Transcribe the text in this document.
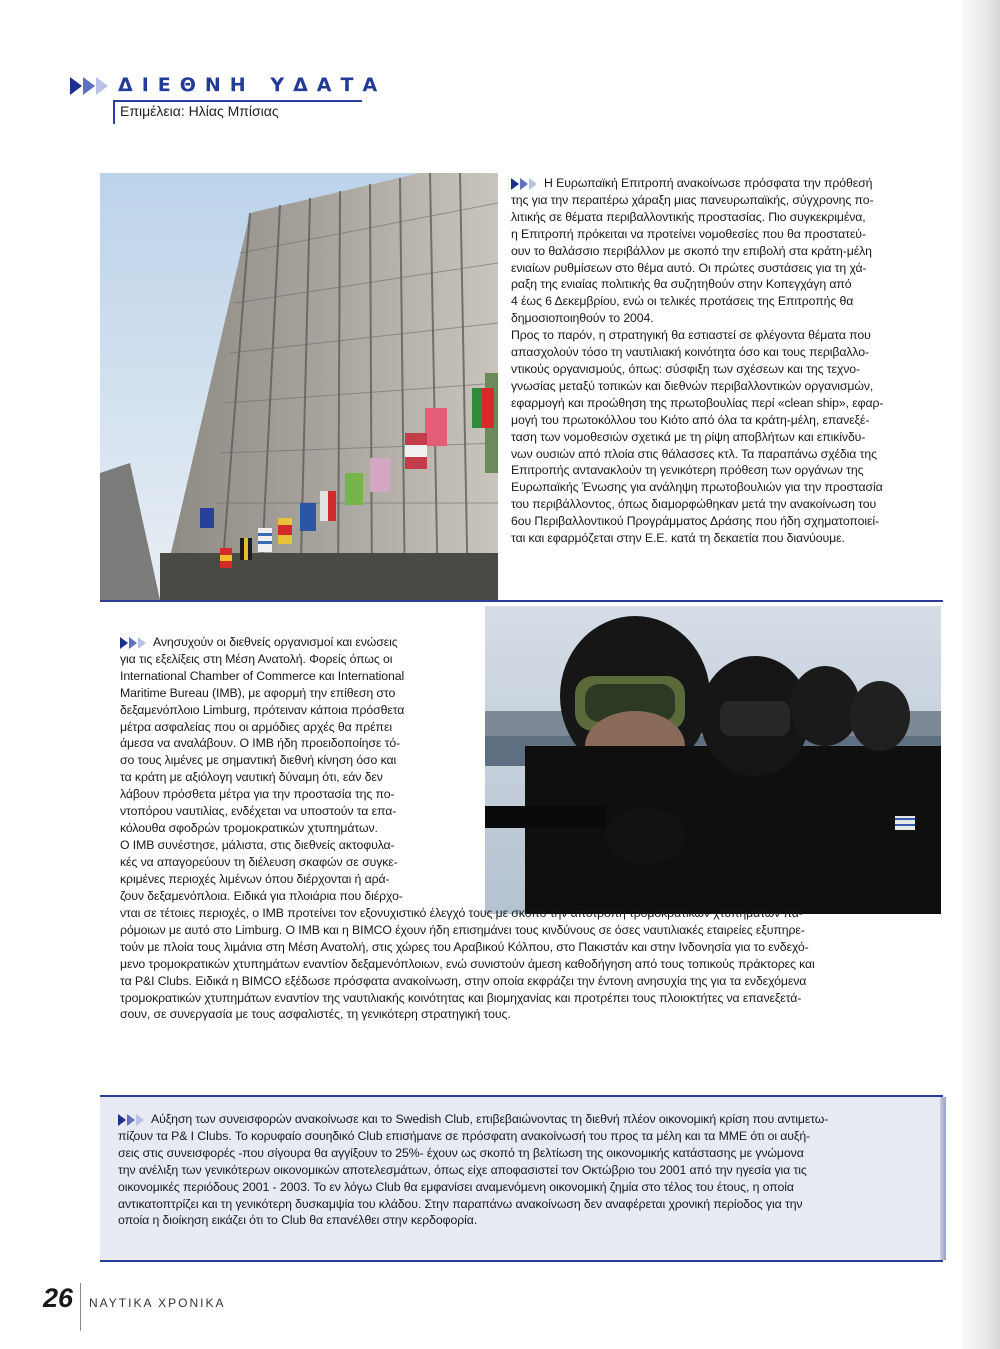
ΔΙΕΘΝΗ ΥΔΑΤΑ
Επιμέλεια: Ηλίας Μπίσιας

Η Ευρωπαϊκή Επιτροπή ανακοίνωσε πρόσφατα την πρόθεσή

της για την περαιτέρω χάραξη μιας πανευρωπαϊκής, σύγχρονης πο-

λιτικής σε θέματα περιβαλλοντικής προστασίας. Πιο συγκεκριμένα,

η Επιτροπή πρόκειται να προτείνει νομοθεσίες που θα προστατεύ-

ουν το θαλάσσιο περιβάλλον με σκοπό την επιβολή στα κράτη-μέλη

ενιαίων ρυθμίσεων στο θέμα αυτό. Οι πρώτες συστάσεις για τη χά-

ραξη της ενιαίας πολιτικής θα συζητηθούν στην Κοπεγχάγη από

4 έως 6 Δεκεμβρίου, ενώ οι τελικές προτάσεις της Επιτροπής θα

δημοσιοποιηθούν το 2004.

Προς το παρόν, η στρατηγική θα εστιαστεί σε φλέγοντα θέματα που

απασχολούν τόσο τη ναυτιλιακή κοινότητα όσο και τους περιβαλλο-

ντικούς οργανισμούς, όπως: σύσφιξη των σχέσεων και της τεχνο-

γνωσίας μεταξύ τοπικών και διεθνών περιβαλλοντικών οργανισμών,

εφαρμογή και προώθηση της πρωτοβουλίας περί «clean ship», εφαρ-

μογή του πρωτοκόλλου του Κιότο από όλα τα κράτη-μέλη, επανεξέ-

ταση των νομοθεσιών σχετικά με τη ρίψη αποβλήτων και επικίνδυ-

νων ουσιών από πλοία στις θάλασσες κτλ. Τα παραπάνω σχέδια της

Επιτροπής αντανακλούν τη γενικότερη πρόθεση των οργάνων της

Ευρωπαϊκής Ένωσης για ανάληψη πρωτοβουλιών για την προστασία

του περιβάλλοντος, όπως διαμορφώθηκαν μετά την ανακοίνωση του

6ου Περιβαλλοντικού Προγράμματος Δράσης που ήδη σχηματοποιεί-

ται και εφαρμόζεται στην Ε.Ε. κατά τη δεκαετία που διανύουμε.

Ανησυχούν οι διεθνείς οργανισμοί και ενώσεις

για τις εξελίξεις στη Μέση Ανατολή. Φορείς όπως οι

International Chamber of Commerce και International

Maritime Bureau (IMB), με αφορμή την επίθεση στο

δεξαμενόπλοιο Limburg, πρότειναν κάποια πρόσθετα

μέτρα ασφαλείας που οι αρμόδιες αρχές θα πρέπει

άμεσα να αναλάβουν. Ο ΙΜΒ ήδη προειδοποίησε τό-

σο τους λιμένες με σημαντική διεθνή κίνηση όσο και

τα κράτη με αξιόλογη ναυτική δύναμη ότι, εάν δεν

λάβουν πρόσθετα μέτρα για την προστασία της πο-

ντοπόρου ναυτιλίας, ενδέχεται να υποστούν τα επα-

κόλουθα σφοδρών τρομοκρατικών χτυπημάτων.

Ο ΙΜΒ συνέστησε, μάλιστα, στις διεθνείς ακτοφυλα-

κές να απαγορεύουν τη διέλευση σκαφών σε συγκε-

κριμένες περιοχές λιμένων όπου διέρχονται ή αρά-

ζουν δεξαμενόπλοια. Ειδικά για πλοιάρια που διέρχο-

νται σε τέτοιες περιοχές, ο ΙΜΒ προτείνει τον εξονυχιστικό έλεγχό τους με σκοπό την αποτροπή τρομοκρατικών χτυπημάτων πα-

ρόμοιων με αυτό στο Limburg. Ο ΙΜΒ και η BIMCO έχουν ήδη επισημάνει τους κινδύνους σε όσες ναυτιλιακές εταιρείες εξυπηρε-

τούν με πλοία τους λιμάνια στη Μέση Ανατολή, στις χώρες του Αραβικού Κόλπου, στο Πακιστάν και στην Ινδονησία για το ενδεχό-

μενο τρομοκρατικών χτυπημάτων εναντίον δεξαμενόπλοιων, ενώ συνιστούν άμεση καθοδήγηση από τους τοπικούς πράκτορες και

τα P&I Clubs. Ειδικά η BIMCO εξέδωσε πρόσφατα ανακοίνωση, στην οποία εκφράζει την έντονη ανησυχία της για τα ενδεχόμενα

τρομοκρατικών χτυπημάτων εναντίον της ναυτιλιακής κοινότητας και βιομηχανίας και προτρέπει τους πλοιοκτήτες να επανεξετά-

σουν, σε συνεργασία με τους ασφαλιστές, τη γενικότερη στρατηγική τους.

Αύξηση των συνεισφορών ανακοίνωσε και το Swedish Club, επιβεβαιώνοντας τη διεθνή πλέον οικονομική κρίση που αντιμετω-

πίζουν τα P& I Clubs. Το κορυφαίο σουηδικό Club επισήμανε σε πρόσφατη ανακοίνωσή του προς τα μέλη και τα ΜΜΕ ότι οι αυξή-

σεις στις συνεισφορές -που σίγουρα θα αγγίξουν το 25%- έχουν ως σκοπό τη βελτίωση της οικονομικής κατάστασης με γνώμονα

την ανέλιξη των γενικότερων οικονομικών αποτελεσμάτων, όπως είχε αποφασιστεί τον Οκτώβριο του 2001 από την ηγεσία για τις

οικονομικές περιόδους 2001 - 2003. Το εν λόγω Club θα εμφανίσει αναμενόμενη οικονομική ζημία στο τέλος του έτους, η οποία

αντικατοπτρίζει και τη γενικότερη δυσκαμψία του κλάδου. Στην παραπάνω ανακοίνωση δεν αναφέρεται χρονική περίοδος για την

οποία η διοίκηση εικάζει ότι το Club θα επανέλθει στην κερδοφορία.

26 ΝΑΥΤΙΚΑ ΧΡΟΝΙΚΑ
